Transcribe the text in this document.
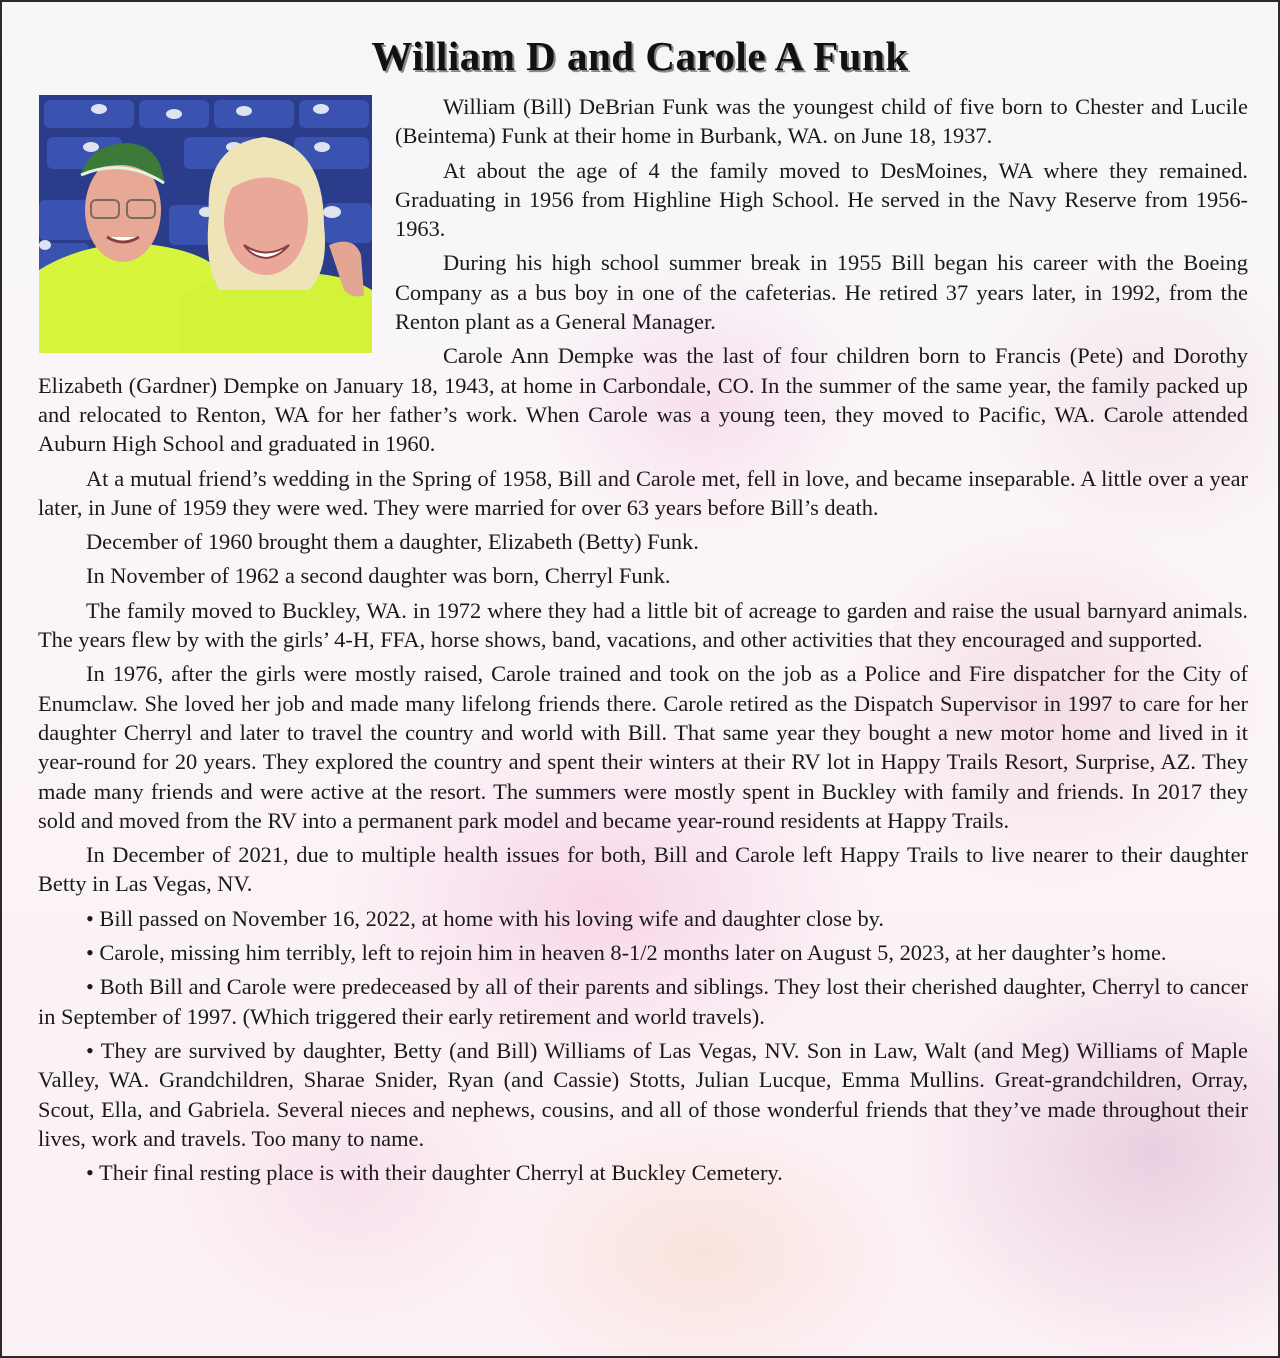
William D and Carole A Funk

William (Bill) DeBrian Funk was the youngest child of five born to Chester and Lucile (Beintema) Funk at their home in Burbank, WA. on June 18, 1937.

At about the age of 4 the family moved to DesMoines, WA where they remained. Graduating in 1956 from Highline High School. He served in the Navy Reserve from 1956-1963.

During his high school summer break in 1955 Bill began his career with the Boeing Company as a bus boy in one of the cafeterias. He retired 37 years later, in 1992, from the Renton plant as a General Manager.

Carole Ann Dempke was the last of four children born to Francis (Pete) and Dorothy Elizabeth (Gardner) Dempke on January 18, 1943, at home in Carbondale, CO. In the summer of the same year, the family packed up and relocated to Renton, WA for her father’s work. When Carole was a young teen, they moved to Pacific, WA. Carole attended Auburn High School and graduated in 1960.

At a mutual friend’s wedding in the Spring of 1958, Bill and Carole met, fell in love, and became inseparable. A little over a year later, in June of 1959 they were wed. They were married for over 63 years before Bill’s death.

December of 1960 brought them a daughter, Elizabeth (Betty) Funk.

In November of 1962 a second daughter was born, Cherryl Funk.

The family moved to Buckley, WA. in 1972 where they had a little bit of acreage to garden and raise the usual barnyard animals. The years flew by with the girls’ 4-H, FFA, horse shows, band, vacations, and other activities that they encouraged and supported.

In 1976, after the girls were mostly raised, Carole trained and took on the job as a Police and Fire dispatcher for the City of Enumclaw. She loved her job and made many lifelong friends there. Carole retired as the Dispatch Supervisor in 1997 to care for her daughter Cherryl and later to travel the country and world with Bill. That same year they bought a new motor home and lived in it year-round for 20 years. They explored the country and spent their winters at their RV lot in Happy Trails Resort, Surprise, AZ. They made many friends and were active at the resort. The summers were mostly spent in Buckley with family and friends. In 2017 they sold and moved from the RV into a permanent park model and became year-round residents at Happy Trails.

In December of 2021, due to multiple health issues for both, Bill and Carole left Happy Trails to live nearer to their daughter Betty in Las Vegas, NV.

• Bill passed on November 16, 2022, at home with his loving wife and daughter close by.

• Carole, missing him terribly, left to rejoin him in heaven 8-1/2 months later on August 5, 2023, at her daughter’s home.

• Both Bill and Carole were predeceased by all of their parents and siblings. They lost their cherished daughter, Cherryl to cancer in September of 1997. (Which triggered their early retirement and world travels).

• They are survived by daughter, Betty (and Bill) Williams of Las Vegas, NV. Son in Law, Walt (and Meg) Williams of Maple Valley, WA. Grandchildren, Sharae Snider, Ryan (and Cassie) Stotts, Julian Lucque, Emma Mullins. Great-grandchildren, Orray, Scout, Ella, and Gabriela. Several nieces and nephews, cousins, and all of those wonderful friends that they’ve made throughout their lives, work and travels. Too many to name.

• Their final resting place is with their daughter Cherryl at Buckley Cemetery.
